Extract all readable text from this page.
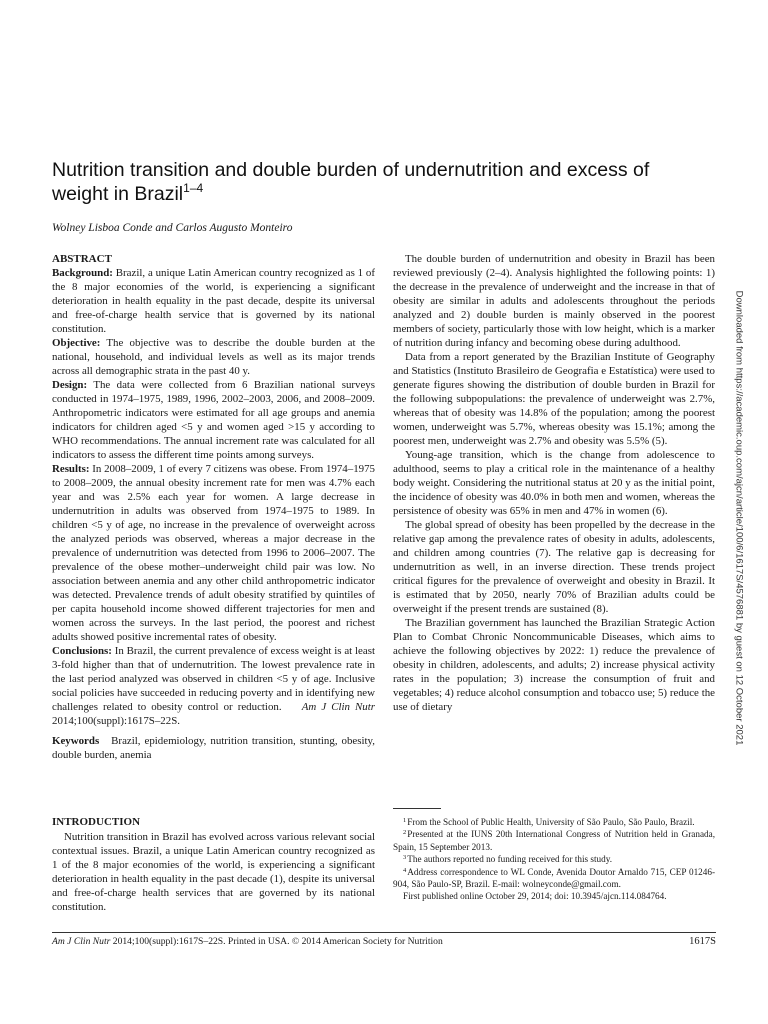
Nutrition transition and double burden of undernutrition and excess of weight in Brazil$^{1-4}$
Wolney Lisboa Conde and Carlos Augusto Monteiro
ABSTRACT

Background: Brazil, a unique Latin American country recognized as 1 of the 8 major economies of the world, is experiencing a significant deterioration in health equality in the past decade, despite its universal and free-of-charge health service that is governed by its national constitution.

Objective: The objective was to describe the double burden at the national, household, and individual levels as well as its major trends across all demographic strata in the past 40 y.

Design: The data were collected from 6 Brazilian national surveys conducted in 1974–1975, 1989, 1996, 2002–2003, 2006, and 2008–2009. Anthropometric indicators were estimated for all age groups and anemia indicators for children aged <5 y and women aged >15 y according to WHO recommendations. The annual increment rate was calculated for all indicators to assess the different time points among surveys.

Results: In 2008–2009, 1 of every 7 citizens was obese. From 1974–1975 to 2008–2009, the annual obesity increment rate for men was 4.7% each year and was 2.5% each year for women. A large decrease in undernutrition in adults was observed from 1974–1975 to 1989. In children <5 y of age, no increase in the prevalence of overweight across the analyzed periods was observed, whereas a major decrease in the prevalence of undernutrition was detected from 1996 to 2006–2007. The prevalence of the obese mother–underweight child pair was low. No association between anemia and any other child anthropometric indicator was detected. Prevalence trends of adult obesity stratified by quintiles of per capita household income showed different trajectories for men and women across the surveys. In the last period, the poorest and richest adults showed positive incremental rates of obesity.

Conclusions: In Brazil, the current prevalence of excess weight is at least 3-fold higher than that of undernutrition. The lowest prevalence rate in the last period analyzed was observed in children <5 y of age. Inclusive social policies have succeeded in reducing poverty and in identifying new challenges related to obesity control or reduction. Am J Clin Nutr 2014;100(suppl):1617S–22S.

Keywords Brazil, epidemiology, nutrition transition, stunting, obesity, double burden, anemia

INTRODUCTION

Nutrition transition in Brazil has evolved across various relevant social contextual issues. Brazil, a unique Latin American country recognized as 1 of the 8 major economies of the world, is experiencing a significant deterioration in health equality in the past decade (1), despite its universal and free-of-charge health services that are governed by its national constitution.

The double burden of undernutrition and obesity in Brazil has been reviewed previously (2–4). Analysis highlighted the following points: 1) the decrease in the prevalence of underweight and the increase in that of obesity are similar in adults and adolescents throughout the periods analyzed and 2) double burden is mainly observed in the poorest members of society, particularly those with low height, which is a marker of nutrition during infancy and becoming obese during adulthood.

Data from a report generated by the Brazilian Institute of Geography and Statistics (Instituto Brasileiro de Geografia e Estatística) were used to generate figures showing the distribution of double burden in Brazil for the following subpopulations: the prevalence of underweight was 2.7%, whereas that of obesity was 14.8% of the population; among the poorest women, underweight was 5.7%, whereas obesity was 15.1%; among the poorest men, underweight was 2.7% and obesity was 5.5% (5).

Young-age transition, which is the change from adolescence to adulthood, seems to play a critical role in the maintenance of a healthy body weight. Considering the nutritional status at 20 y as the initial point, the incidence of obesity was 40.0% in both men and women, whereas the persistence of obesity was 65% in men and 47% in women (6).

The global spread of obesity has been propelled by the decrease in the relative gap among the prevalence rates of obesity in adults, adolescents, and children among countries (7). The relative gap is decreasing for undernutrition as well, in an inverse direction. These trends project critical figures for the prevalence of overweight and obesity in Brazil. It is estimated that by 2050, nearly 70% of Brazilian adults could be overweight if the present trends are sustained (8).

The Brazilian government has launched the Brazilian Strategic Action Plan to Combat Chronic Noncommunicable Diseases, which aims to achieve the following objectives by 2022: 1) reduce the prevalence of obesity in children, adolescents, and adults; 2) increase physical activity rates in the population; 3) increase the consumption of fruit and vegetables; 4) reduce alcohol consumption and tobacco use; 5) reduce the use of dietary

$^1$From the School of Public Health, University of São Paulo, São Paulo, Brazil.

$^2$Presented at the IUNS 20th International Congress of Nutrition held in Granada, Spain, 15 September 2013.

$^3$The authors reported no funding received for this study.

$^4$Address correspondence to WL Conde, Avenida Doutor Arnaldo 715, CEP 01246-904, São Paulo-SP, Brazil. E-mail: wolneyconde@gmail.com.

First published online October 29, 2014; doi: 10.3945/ajcn.114.084764.

Am J Clin Nutr 2014;100(suppl):1617S–22S. Printed in USA. © 2014 American Society for Nutrition	1617S
Downloaded from https://academic.oup.com/ajcn/article/100/6/1617S/4576881 by guest on 12 October 2021
